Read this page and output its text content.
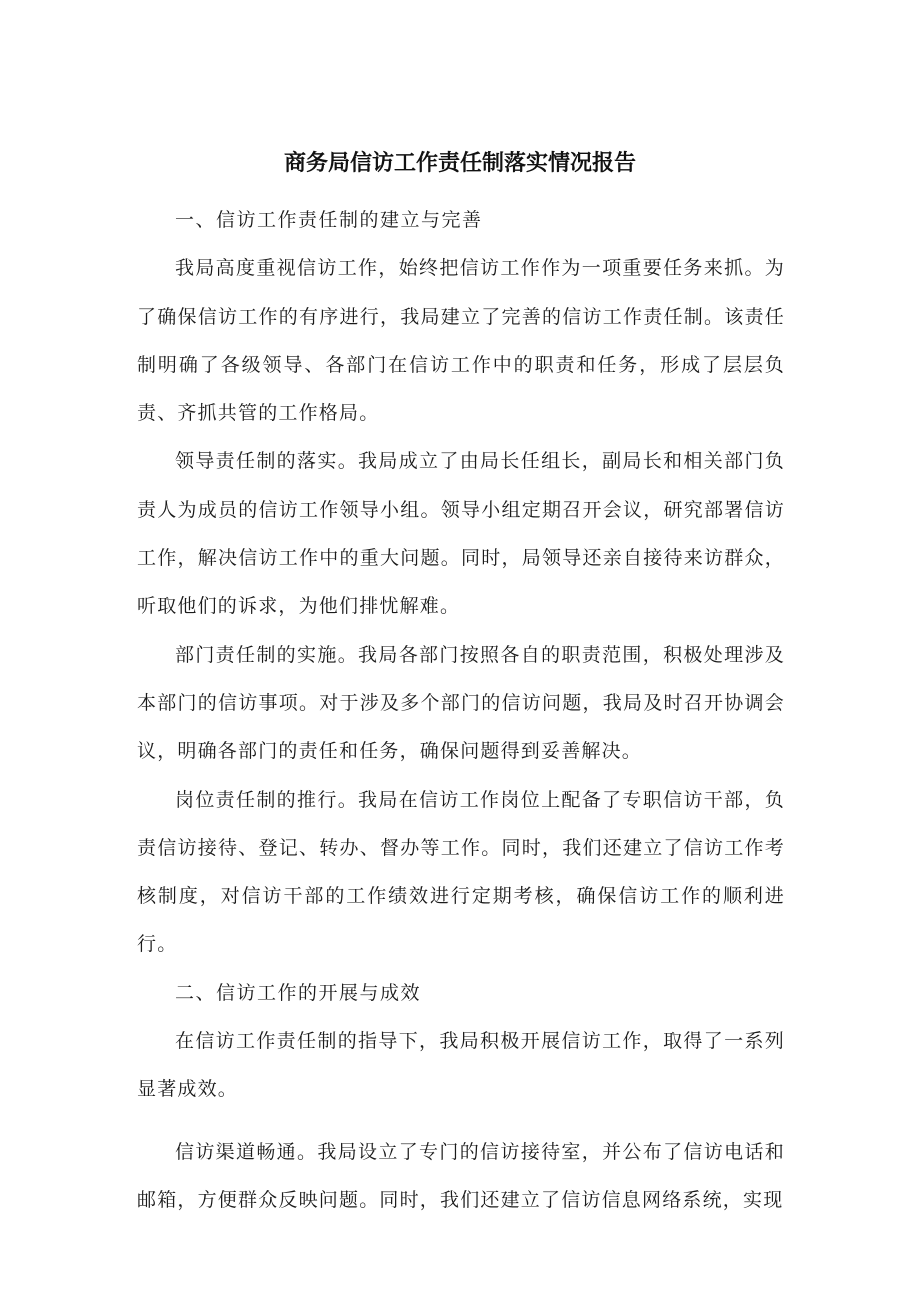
商务局信访工作责任制落实情况报告

一、信访工作责任制的建立与完善

我局高度重视信访工作，始终把信访工作作为一项重要任务来抓。为了确保信访工作的有序进行，我局建立了完善的信访工作责任制。该责任制明确了各级领导、各部门在信访工作中的职责和任务，形成了层层负责、齐抓共管的工作格局。

领导责任制的落实。我局成立了由局长任组长，副局长和相关部门负责人为成员的信访工作领导小组。领导小组定期召开会议，研究部署信访工作，解决信访工作中的重大问题。同时，局领导还亲自接待来访群众，听取他们的诉求，为他们排忧解难。

部门责任制的实施。我局各部门按照各自的职责范围，积极处理涉及本部门的信访事项。对于涉及多个部门的信访问题，我局及时召开协调会议，明确各部门的责任和任务，确保问题得到妥善解决。

岗位责任制的推行。我局在信访工作岗位上配备了专职信访干部，负责信访接待、登记、转办、督办等工作。同时，我们还建立了信访工作考核制度，对信访干部的工作绩效进行定期考核，确保信访工作的顺利进行。

二、信访工作的开展与成效

在信访工作责任制的指导下，我局积极开展信访工作，取得了一系列显著成效。

信访渠道畅通。我局设立了专门的信访接待室，并公布了信访电话和邮箱，方便群众反映问题。同时，我们还建立了信访信息网络系统，实现
